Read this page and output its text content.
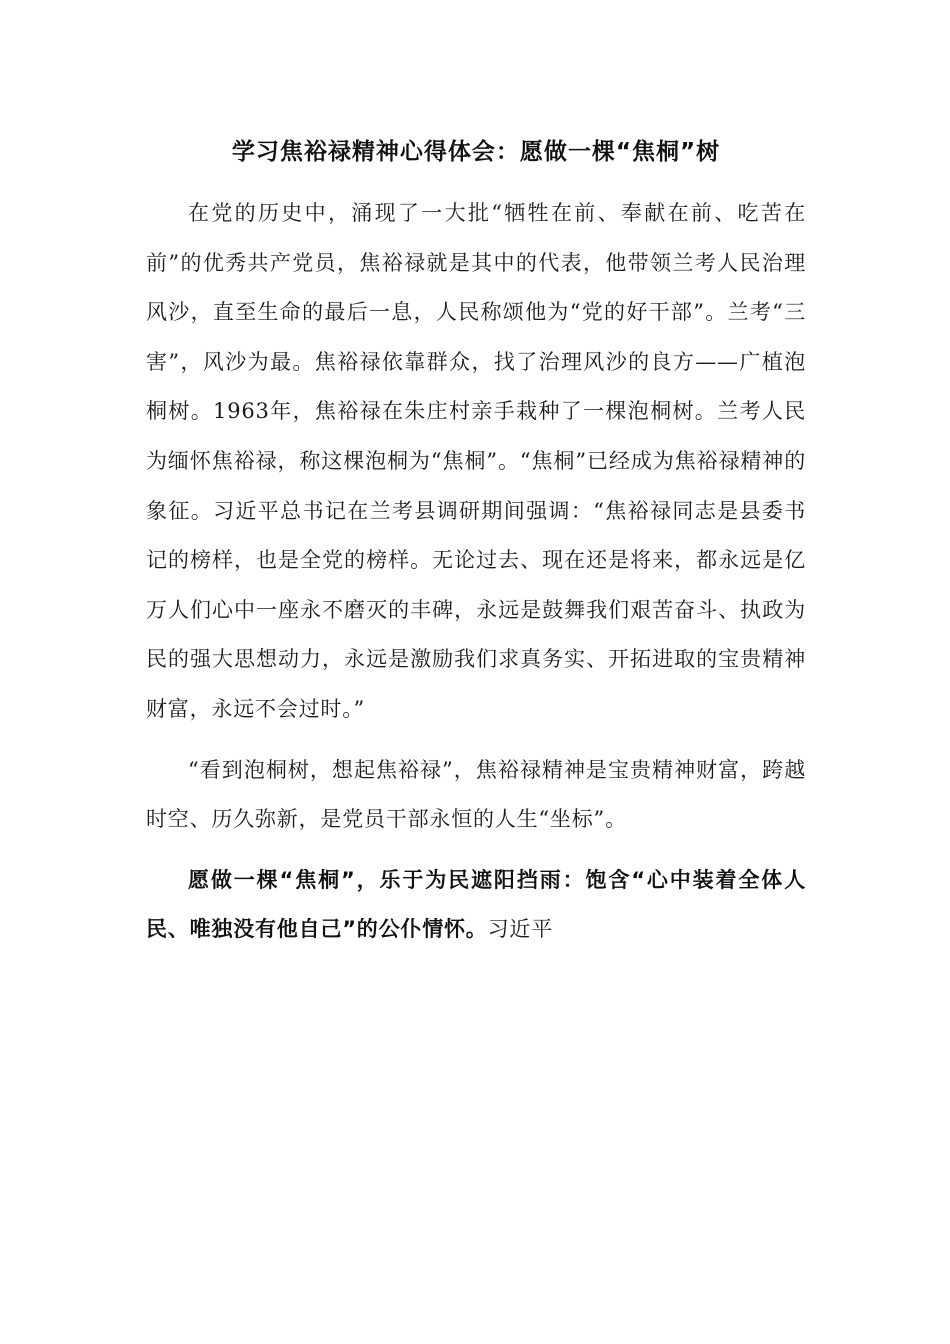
学习焦裕禄精神心得体会：愿做一棵“焦桐”树

在党的历史中，涌现了一大批“牺牲在前、奉献在前、吃苦在前”的优秀共产党员，焦裕禄就是其中的代表，他带领兰考人民治理风沙，直至生命的最后一息，人民称颂他为“党的好干部”。兰考“三害”，风沙为最。焦裕禄依靠群众，找了治理风沙的良方——广植泡桐树。1963年，焦裕禄在朱庄村亲手栽种了一棵泡桐树。兰考人民为缅怀焦裕禄，称这棵泡桐为“焦桐”。“焦桐”已经成为焦裕禄精神的象征。习近平总书记在兰考县调研期间强调：“焦裕禄同志是县委书记的榜样，也是全党的榜样。无论过去、现在还是将来，都永远是亿万人们心中一座永不磨灭的丰碑，永远是鼓舞我们艰苦奋斗、执政为民的强大思想动力，永远是激励我们求真务实、开拓进取的宝贵精神财富，永远不会过时。”

“看到泡桐树，想起焦裕禄”，焦裕禄精神是宝贵精神财富，跨越时空、历久弥新，是党员干部永恒的人生“坐标”。

愿做一棵“焦桐”，乐于为民遮阳挡雨：饱含“心中装着全体人民、唯独没有他自己”的公仆情怀。习近平
